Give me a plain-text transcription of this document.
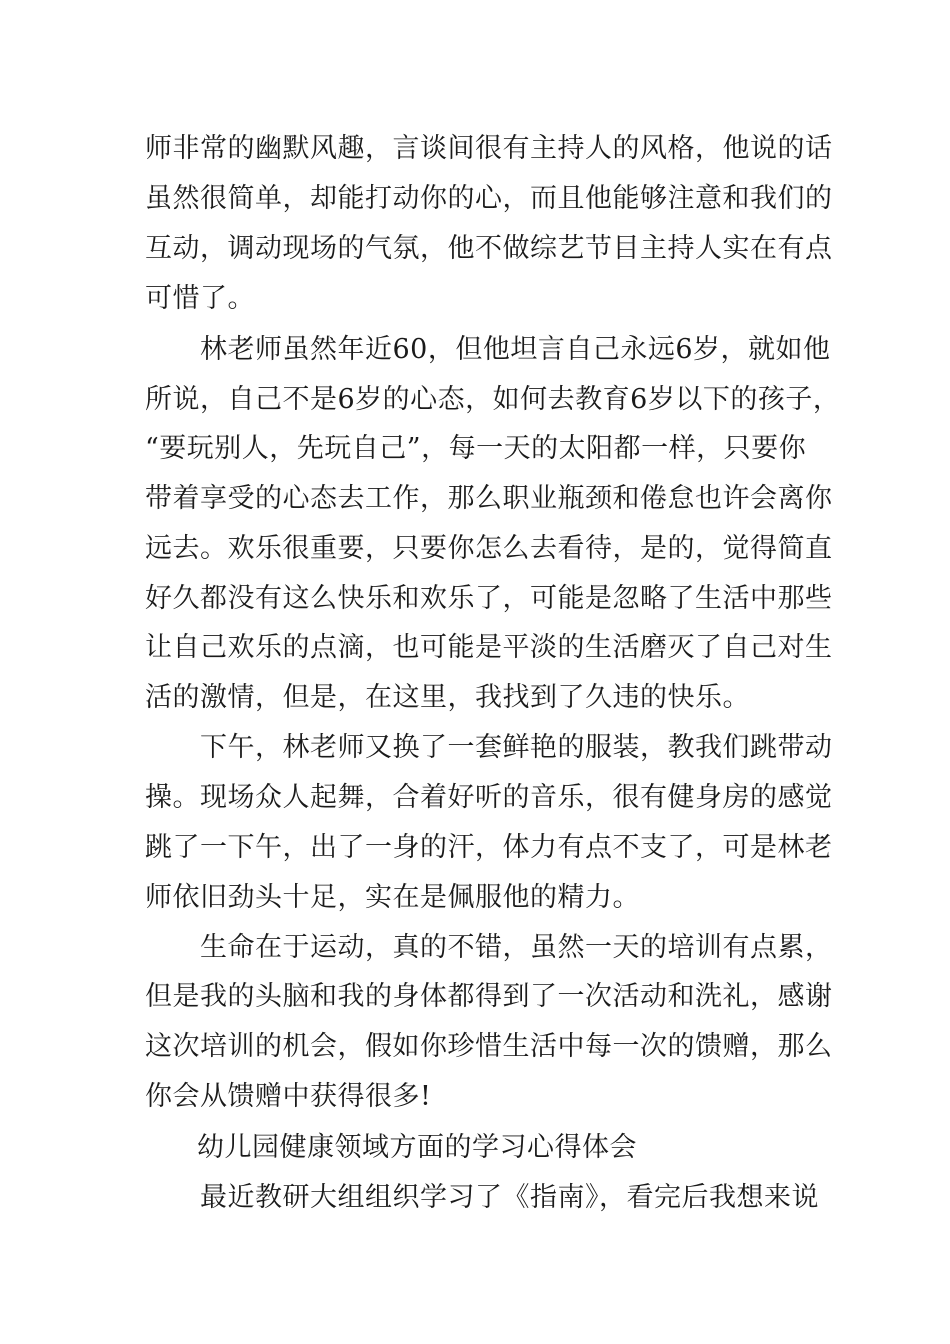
师非常的幽默风趣，言谈间很有主持人的风格，他说的话
虽然很简单，却能打动你的心，而且他能够注意和我们的
互动，调动现场的气氛，他不做综艺节目主持人实在有点
可惜了。
林老师虽然年近60，但他坦言自己永远6岁，就如他
所说，自己不是6岁的心态，如何去教育6岁以下的孩子，
“要玩别人，先玩自己”，每一天的太阳都一样，只要你
带着享受的心态去工作，那么职业瓶颈和倦怠也许会离你
远去。欢乐很重要，只要你怎么去看待，是的，觉得简直
好久都没有这么快乐和欢乐了，可能是忽略了生活中那些
让自己欢乐的点滴，也可能是平淡的生活磨灭了自己对生
活的激情，但是，在这里，我找到了久违的快乐。
下午，林老师又换了一套鲜艳的服装，教我们跳带动
操。现场众人起舞，合着好听的音乐，很有健身房的感觉
跳了一下午，出了一身的汗，体力有点不支了，可是林老
师依旧劲头十足，实在是佩服他的精力。
生命在于运动，真的不错，虽然一天的培训有点累，
但是我的头脑和我的身体都得到了一次活动和洗礼，感谢
这次培训的机会，假如你珍惜生活中每一次的馈赠，那么
你会从馈赠中获得很多!
幼儿园健康领域方面的学习心得体会
最近教研大组组织学习了《指南》，看完后我想来说
